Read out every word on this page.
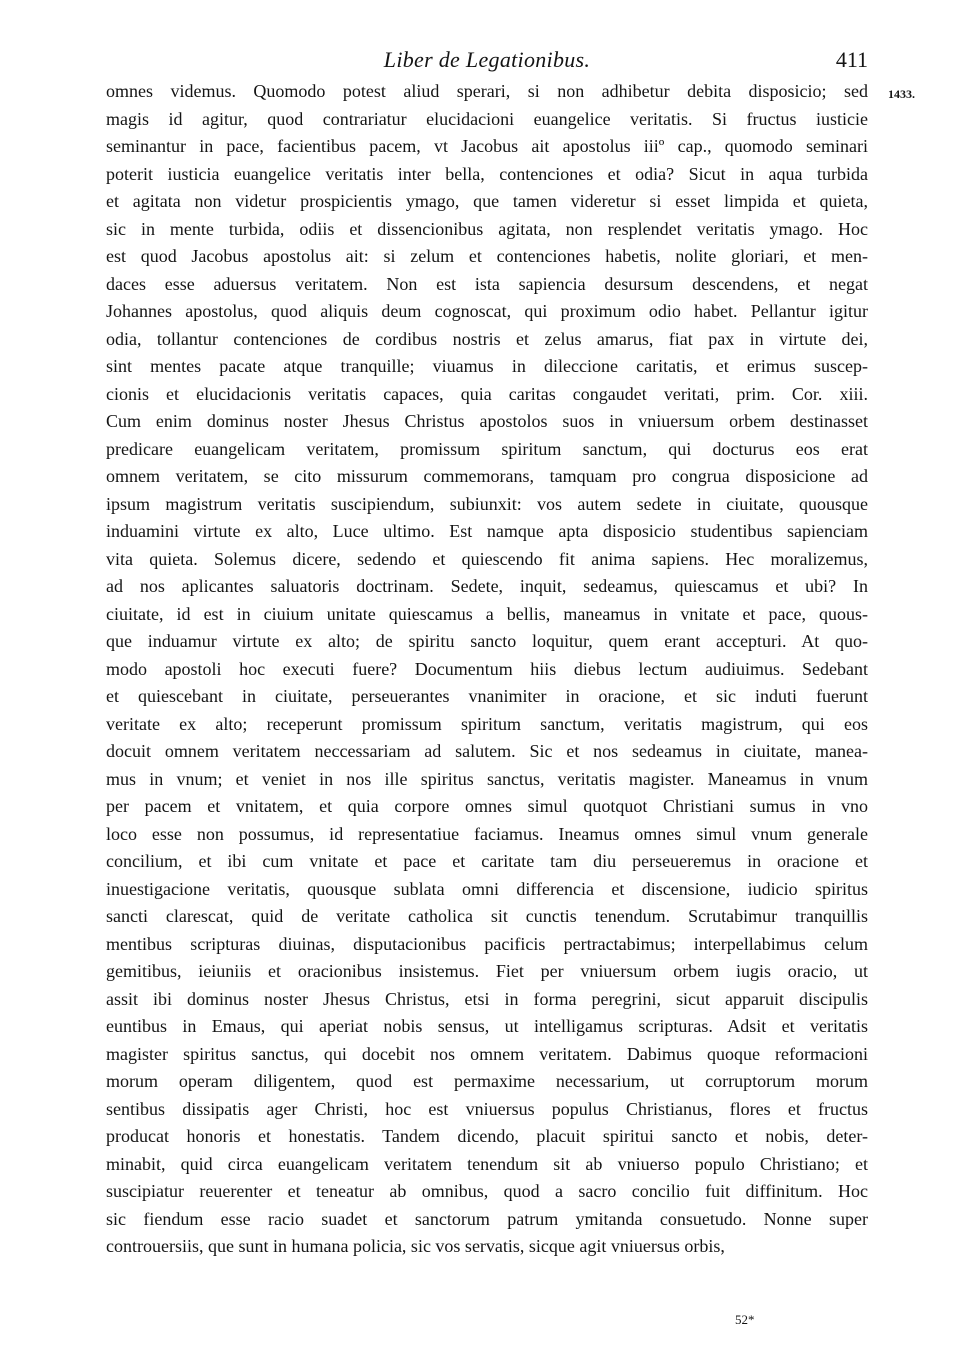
Liber de Legationibus.	411
1433.
omnes videmus. Quomodo potest aliud sperari, si non adhibetur debita disposicio; sed
magis id agitur, quod contrariatur elucidacioni euangelice veritatis. Si fructus iusticie
seminantur in pace, facientibus pacem, vt Jacobus ait apostolus iiiº cap., quomodo seminari
poterit iusticia euangelice veritatis inter bella, contenciones et odia? Sicut in aqua turbida
et agitata non videtur prospicientis ymago, que tamen videretur si esset limpida et quieta,
sic in mente turbida, odiis et dissencionibus agitata, non resplendet veritatis ymago. Hoc
est quod Jacobus apostolus ait: si zelum et contenciones habetis, nolite gloriari, et men-
daces esse aduersus veritatem. Non est ista sapiencia desursum descendens, et negat
Johannes apostolus, quod aliquis deum cognoscat, qui proximum odio habet. Pellantur igitur
odia, tollantur contenciones de cordibus nostris et zelus amarus, fiat pax in virtute dei,
sint mentes pacate atque tranquille; viuamus in dileccione caritatis, et erimus suscep-
cionis et elucidacionis veritatis capaces, quia caritas congaudet veritati, prim. Cor. xiii.
Cum enim dominus noster Jhesus Christus apostolos suos in vniuersum orbem destinasset
predicare euangelicam veritatem, promissum spiritum sanctum, qui docturus eos erat
omnem veritatem, se cito missurum commemorans, tamquam pro congrua disposicione ad
ipsum magistrum veritatis suscipiendum, subiunxit: vos autem sedete in ciuitate, quousque
induamini virtute ex alto, Luce ultimo. Est namque apta disposicio studentibus sapienciam
vita quieta. Solemus dicere, sedendo et quiescendo fit anima sapiens. Hec moralizemus,
ad nos aplicantes saluatoris doctrinam. Sedete, inquit, sedeamus, quiescamus et ubi? In
ciuitate, id est in ciuium unitate quiescamus a bellis, maneamus in vnitate et pace, quous-
que induamur virtute ex alto; de spiritu sancto loquitur, quem erant accepturi. At quo-
modo apostoli hoc executi fuere? Documentum hiis diebus lectum audiuimus. Sedebant
et quiescebant in ciuitate, perseuerantes vnanimiter in oracione, et sic induti fuerunt
veritate ex alto; receperunt promissum spiritum sanctum, veritatis magistrum, qui eos
docuit omnem veritatem neccessariam ad salutem. Sic et nos sedeamus in ciuitate, manea-
mus in vnum; et veniet in nos ille spiritus sanctus, veritatis magister. Maneamus in vnum
per pacem et vnitatem, et quia corpore omnes simul quotquot Christiani sumus in vno
loco esse non possumus, id representatiue faciamus. Ineamus omnes simul vnum generale
concilium, et ibi cum vnitate et pace et caritate tam diu perseueremus in oracione et
inuestigacione veritatis, quousque sublata omni differencia et discensione, iudicio spiritus
sancti clarescat, quid de veritate catholica sit cunctis tenendum. Scrutabimur tranquillis
mentibus scripturas diuinas, disputacionibus pacificis pertractabimus; interpellabimus celum
gemitibus, ieiuniis et oracionibus insistemus. Fiet per vniuersum orbem iugis oracio, ut
assit ibi dominus noster Jhesus Christus, etsi in forma peregrini, sicut apparuit discipulis
euntibus in Emaus, qui aperiat nobis sensus, ut intelligamus scripturas. Adsit et veritatis
magister spiritus sanctus, qui docebit nos omnem veritatem. Dabimus quoque reformacioni
morum operam diligentem, quod est permaxime necessarium, ut corruptorum morum
sentibus dissipatis ager Christi, hoc est vniuersus populus Christianus, flores et fructus
producat honoris et honestatis. Tandem dicendo, placuit spiritui sancto et nobis, deter-
minabit, quid circa euangelicam veritatem tenendum sit ab vniuerso populo Christiano; et
suscipiatur reuerenter et teneatur ab omnibus, quod a sacro concilio fuit diffinitum. Hoc
sic fiendum esse racio suadet et sanctorum patrum ymitanda consuetudo. Nonne super
controuersiis, que sunt in humana policia, sic vos servatis, sicque agit vniuersus orbis,
52*
